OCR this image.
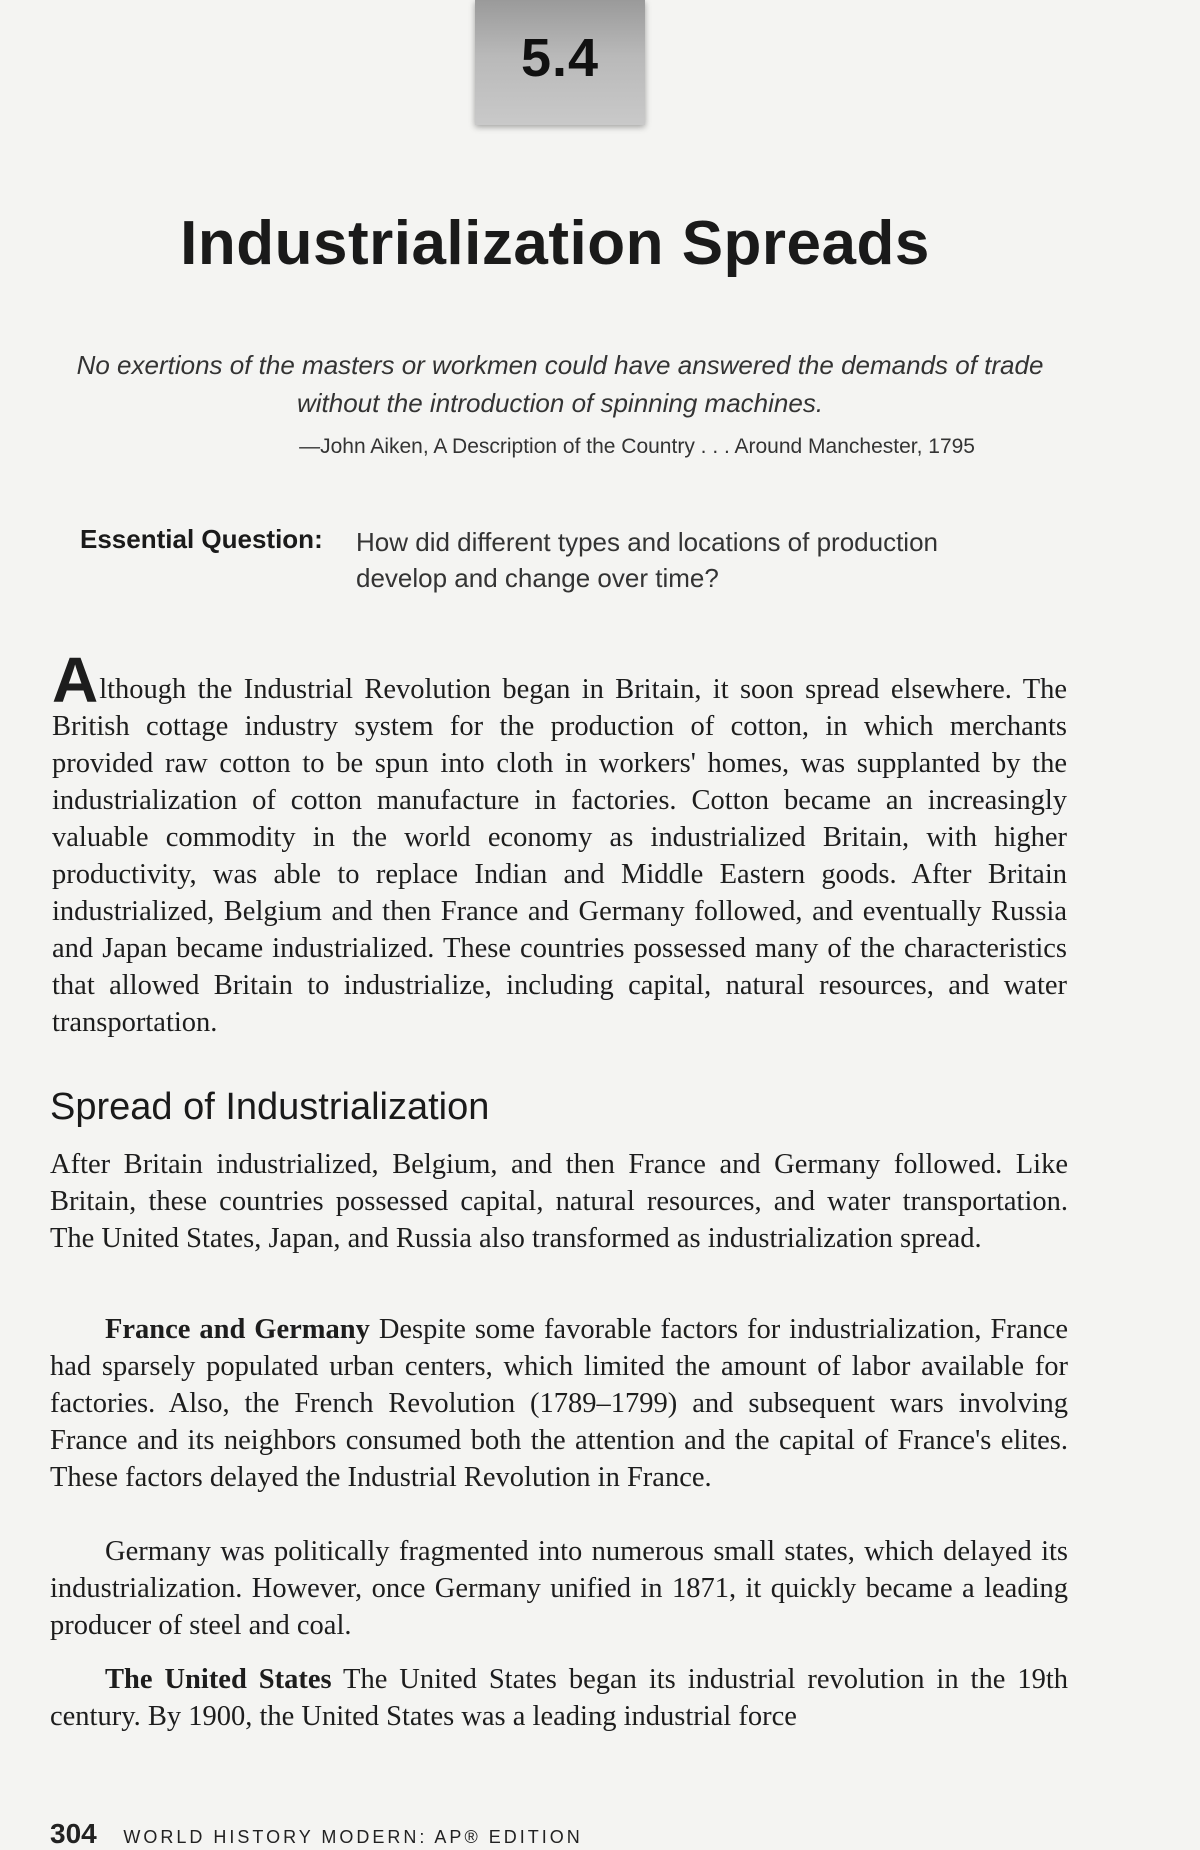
5.4
Industrialization Spreads

No exertions of the masters or workmen could have answered the demands of trade without the introduction of spinning machines.

—John Aiken, A Description of the Country . . . Around Manchester, 1795
Essential Question: How did different types and locations of production develop and change over time?

Although the Industrial Revolution began in Britain, it soon spread elsewhere. The British cottage industry system for the production of cotton, in which merchants provided raw cotton to be spun into cloth in workers' homes, was supplanted by the industrialization of cotton manufacture in factories. Cotton became an increasingly valuable commodity in the world economy as industrialized Britain, with higher productivity, was able to replace Indian and Middle Eastern goods. After Britain industrialized, Belgium and then France and Germany followed, and eventually Russia and Japan became industrialized. These countries possessed many of the characteristics that allowed Britain to industrialize, including capital, natural resources, and water transportation.

Spread of Industrialization

After Britain industrialized, Belgium, and then France and Germany followed. Like Britain, these countries possessed capital, natural resources, and water transportation. The United States, Japan, and Russia also transformed as industrialization spread.

France and Germany Despite some favorable factors for industrialization, France had sparsely populated urban centers, which limited the amount of labor available for factories. Also, the French Revolution (1789–1799) and subsequent wars involving France and its neighbors consumed both the attention and the capital of France's elites. These factors delayed the Industrial Revolution in France.

Germany was politically fragmented into numerous small states, which delayed its industrialization. However, once Germany unified in 1871, it quickly became a leading producer of steel and coal.

The United States The United States began its industrial revolution in the 19th century. By 1900, the United States was a leading industrial force

304 WORLD HISTORY MODERN: AP® EDITION
